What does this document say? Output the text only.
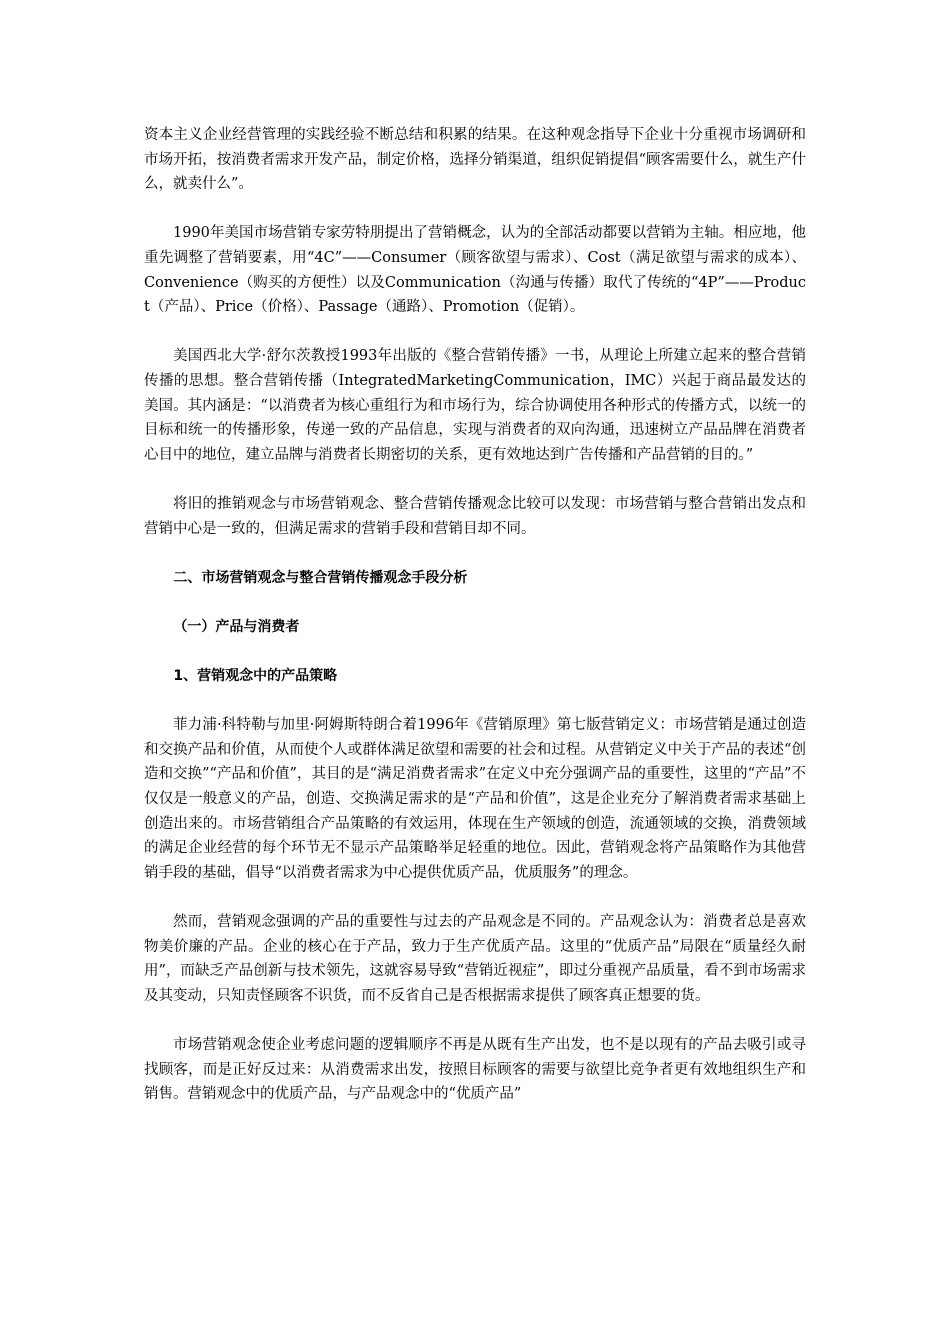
资本主义企业经营管理的实践经验不断总结和积累的结果。在这种观念指导下企业十分重视市场调研和市场开拓，按消费者需求开发产品，制定价格，选择分销渠道，组织促销提倡“顾客需要什么，就生产什么，就卖什么”。

1990年美国市场营销专家劳特朋提出了营销概念，认为的全部活动都要以营销为主轴。相应地，他重先调整了营销要素，用“4C”——Consumer（顾客欲望与需求）、Cost（满足欲望与需求的成本）、Convenience（购买的方便性）以及Communication（沟通与传播）取代了传统的“4P”——Product（产品）、Price（价格）、Passage（通路）、Promotion（促销）。

美国西北大学·舒尔茨教授1993年出版的《整合营销传播》一书，从理论上所建立起来的整合营销传播的思想。整合营销传播（IntegratedMarketingCommunication，IMC）兴起于商品最发达的美国。其内涵是：“以消费者为核心重组行为和市场行为，综合协调使用各种形式的传播方式，以统一的目标和统一的传播形象，传递一致的产品信息，实现与消费者的双向沟通，迅速树立产品品牌在消费者心目中的地位，建立品牌与消费者长期密切的关系，更有效地达到广告传播和产品营销的目的。”

将旧的推销观念与市场营销观念、整合营销传播观念比较可以发现：市场营销与整合营销出发点和营销中心是一致的，但满足需求的营销手段和营销目却不同。

二、市场营销观念与整合营销传播观念手段分析

（一）产品与消费者

1、营销观念中的产品策略

菲力浦·科特勒与加里·阿姆斯特朗合着1996年《营销原理》第七版营销定义：市场营销是通过创造和交换产品和价值，从而使个人或群体满足欲望和需要的社会和过程。从营销定义中关于产品的表述“创造和交换”“产品和价值”，其目的是“满足消费者需求”在定义中充分强调产品的重要性，这里的“产品”不仅仅是一般意义的产品，创造、交换满足需求的是“产品和价值”，这是企业充分了解消费者需求基础上创造出来的。市场营销组合产品策略的有效运用，体现在生产领域的创造，流通领域的交换，消费领域的满足企业经营的每个环节无不显示产品策略举足轻重的地位。因此，营销观念将产品策略作为其他营销手段的基础，倡导“以消费者需求为中心提供优质产品，优质服务”的理念。

然而，营销观念强调的产品的重要性与过去的产品观念是不同的。产品观念认为：消费者总是喜欢物美价廉的产品。企业的核心在于产品，致力于生产优质产品。这里的“优质产品”局限在“质量经久耐用”，而缺乏产品创新与技术领先，这就容易导致“营销近视症”，即过分重视产品质量，看不到市场需求及其变动，只知责怪顾客不识货，而不反省自己是否根据需求提供了顾客真正想要的货。

市场营销观念使企业考虑问题的逻辑顺序不再是从既有生产出发，也不是以现有的产品去吸引或寻找顾客，而是正好反过来：从消费需求出发，按照目标顾客的需要与欲望比竞争者更有效地组织生产和销售。营销观念中的优质产品，与产品观念中的“优质产品”
